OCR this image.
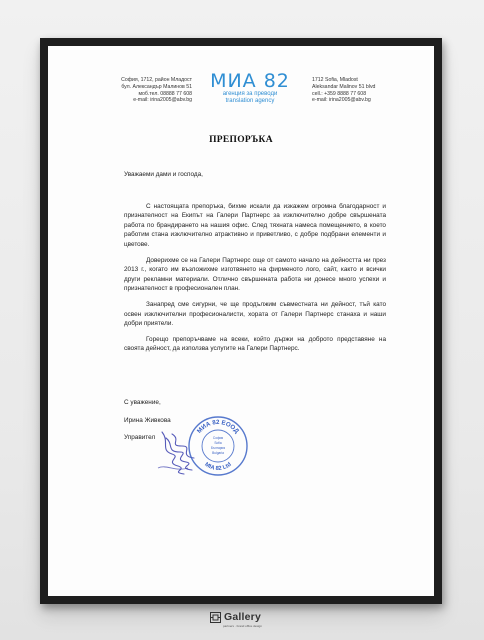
София, 1712, район Младост
бул. Александър Малинов 51
моб.тел. 08888 77 608
e-mail: irina2005@abv.bg
МИА 82
агенция за преводи
translation agency
1712 Sofia, Mladost
Aleksandar Malinov 51 blvd
cell.: +359 8888 77 608
e-mail: irina2005@abv.bg
ПРЕПОРЪКА

Уважаеми дами и господа,

С настоящата препоръка, бихме искали да изкажем огромна благодарност и признателност на Екипът на Галери Партнерс за изключително добре свършената работа по брандирането на нашия офис. След тяхната намеса помещението, в което работим стана изключително атрактивно и приветливо, с добре подбрани елементи и цветове.

Доверихме се на Галери Партнерс още от самото начало на дейността ни през 2013 г., когато им възложихме изготвянето на фирменото лого, сайт, както и всички други рекламни материали. Отлично свършената работа ни донесе много успехи и признателност в професионален план.

Занапред сме сигурни, че ще продължим съвместната ни дейност, тъй като освен изключителни професионалисти, хората от Галери Партнерс станаха и наши добри приятели.

Горещо препоръчваме на всеки, който държи на доброто представяне на своята дейност, да използва услугите на Галери Партнерс.

С уважение,
Ирина Живкова
Управител
МИА 82 ЕООД
MIA 82 Ltd
София
Sofia
България
Bulgaria
Gallery
partners · brand office design
